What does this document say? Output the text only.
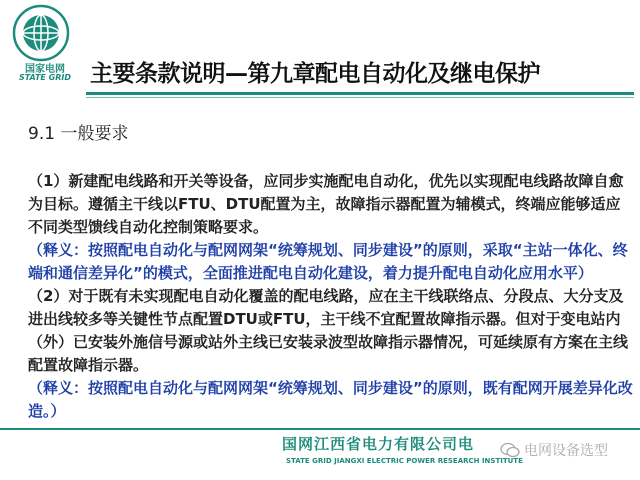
国家电网
STATE GRID 主要条款说明—第九章配电自动化及继电保护
9.1 一般要求

（1）新建配电线路和开关等设备，应同步实施配电自动化，优先以实现配电线路故障自愈为目标。遵循主干线以FTU、DTU配置为主，故障指示器配置为辅模式，终端应能够适应不同类型馈线自动化控制策略要求。

（释义：按照配电自动化与配网网架“统筹规划、同步建设”的原则，采取“主站一体化、终端和通信差异化”的模式，全面推进配电自动化建设，着力提升配电自动化应用水平）

（2）对于既有未实现配电自动化覆盖的配电线路，应在主干线联络点、分段点、大分支及进出线较多等关键性节点配置DTU或FTU，主干线不宜配置故障指示器。但对于变电站内（外）已安装外施信号源或站外主线已安装录波型故障指示器情况，可延续原有方案在主线配置故障指示器。

（释义：按照配电自动化与配网网架“统筹规划、同步建设”的原则，既有配网开展差异化改造。）

国网江西省电力有限公司电
STATE GRID JIANGXI ELECTRIC POWER RESEARCH INSTITUTE
电网设备选型
